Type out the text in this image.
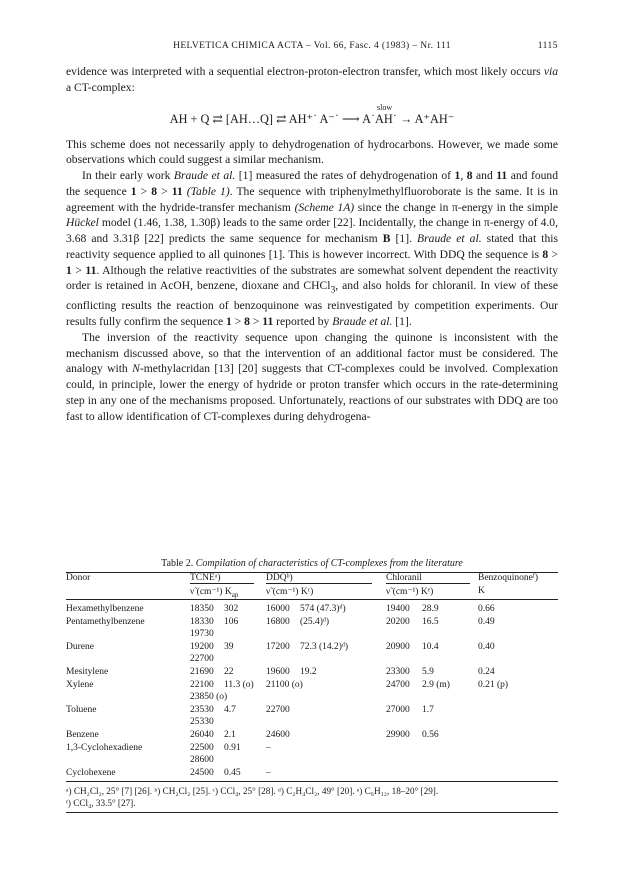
HELVETICA CHIMICA ACTA – Vol. 66, Fasc. 4 (1983) – Nr. 111	1115

evidence was interpreted with a sequential electron-proton-electron transfer, which most likely occurs via a CT-complex:

slow
AH + Q ⇄ [AH…Q] ⇄ AH⁺˙ A⁻˙ ⟶ A˙AH˙ → A⁺AH⁻

This scheme does not necessarily apply to dehydrogenation of hydrocarbons. However, we made some observations which could suggest a similar mechanism.

In their early work Braude et al. [1] measured the rates of dehydrogenation of 1, 8 and 11 and found the sequence 1 > 8 > 11 (Table 1). The sequence with triphenylmethylfluoroborate is the same. It is in agreement with the hydride-transfer mechanism (Scheme 1A) since the change in π-energy in the simple Hückel model (1.46, 1.38, 1.30β) leads to the same order [22]. Incidentally, the change in π-energy of 4.0, 3.68 and 3.31β [22] predicts the same sequence for mechanism B [1]. Braude et al. stated that this reactivity sequence applied to all quinones [1]. This is however incorrect. With DDQ the sequence is 8 > 1 > 11. Although the relative reactivities of the substrates are somewhat solvent dependent the reactivity order is retained in AcOH, benzene, dioxane and CHCl$_3$, and also holds for chloranil. In view of these conflicting results the reaction of benzoquinone was reinvestigated by competition experiments. Our results fully confirm the sequence 1 > 8 > 11 reported by Braude et al. [1].

The inversion of the reactivity sequence upon changing the quinone is inconsistent with the mechanism discussed above, so that the intervention of an additional factor must be considered. The analogy with N-methylacridan [13] [20] suggests that CT-complexes could be involved. Complexation could, in principle, lower the energy of hydride or proton transfer which occurs in the rate-determining step in any one of the mechanisms proposed. Unfortunately, reactions of our substrates with DDQ are too fast to allow identification of CT-complexes during dehydrogena-

Table 2. Compilation of characteristics of CT-complexes from the literature
Donor	TCNEᵃ)		DDQᵇ)		Chloranil		Benzoquinoneᶠ)
	ν̃ (cm⁻¹) $K_{ap}$		ν̃ (cm⁻¹) Kᶜ)		ν̃ (cm⁻¹) Kᵉ)		K

Hexamethylbenzene	18350	302	16000	574 (47.3)ᵈ)	19400	28.9	0.66
Pentamethylbenzene	18330	106	16800	(25.4)ᵈ)	20200	16.5	0.49
	19730						
Durene	19200	39	17200	72.3 (14.2)ᵈ)	20900	10.4	0.40
	22700						
Mesitylene	21690	22	19600	19.2	23300	5.9	0.24
Xylene	22100	11.3 (o)	21100 (o)		24700	2.9 (m)	0.21 (p)
	23850 (o)						
Toluene	23530	4.7	22700		27000	1.7	
	25330						
Benzene	26040	2.1	24600		29900	0.56	
1,3-Cyclohexadiene	22500	0.91	–				
	28600						
Cyclohexene	24500	0.45	–				
ᵃ) CH₂Cl₂, 25° [7] [26]. ᵇ) CH₂Cl₂ [25]. ᶜ) CCl₄, 25° [28]. ᵈ) C₂H₄Cl₂, 49° [20]. ᵉ) C₆H₁₂, 18–20° [29].
ᶠ) CCl₄, 33.5° [27].
